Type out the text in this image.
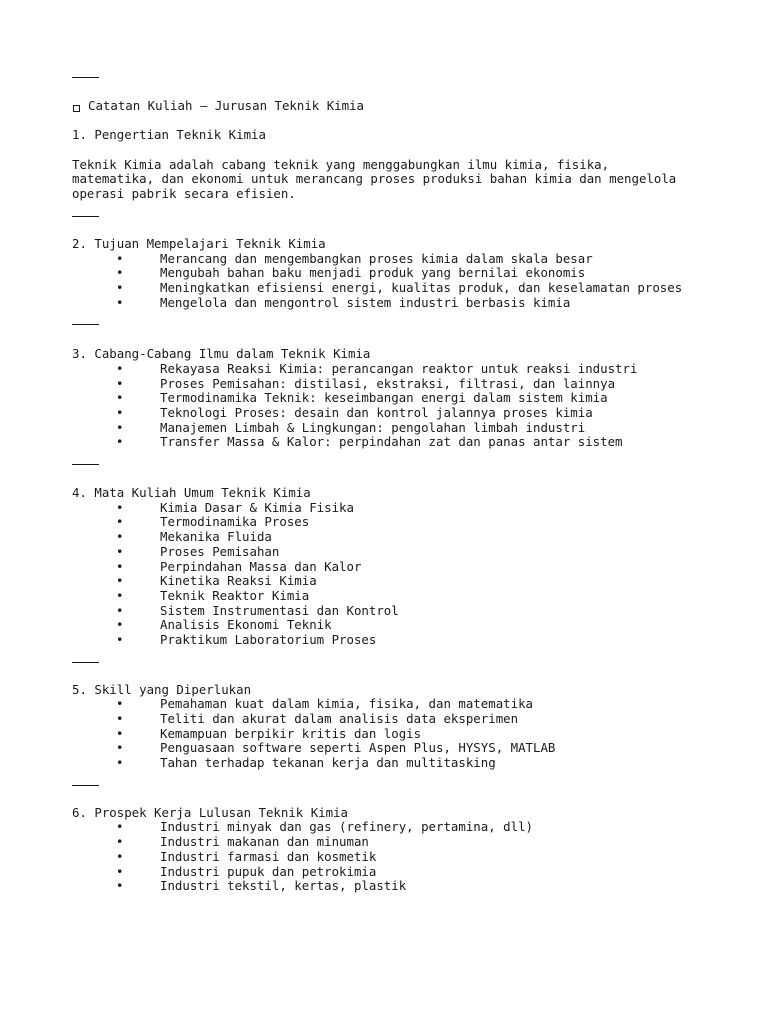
Catatan Kuliah – Jurusan Teknik Kimia
1. Pengertian Teknik Kimia
Teknik Kimia adalah cabang teknik yang menggabungkan ilmu kimia, fisika,
matematika, dan ekonomi untuk merancang proses produksi bahan kimia dan mengelola
operasi pabrik secara efisien.
2. Tujuan Mempelajari Teknik Kimia
•	Merancang dan mengembangkan proses kimia dalam skala besar
•	Mengubah bahan baku menjadi produk yang bernilai ekonomis
•	Meningkatkan efisiensi energi, kualitas produk, dan keselamatan proses
•	Mengelola dan mengontrol sistem industri berbasis kimia
3. Cabang-Cabang Ilmu dalam Teknik Kimia
•	Rekayasa Reaksi Kimia: perancangan reaktor untuk reaksi industri
•	Proses Pemisahan: distilasi, ekstraksi, filtrasi, dan lainnya
•	Termodinamika Teknik: keseimbangan energi dalam sistem kimia
•	Teknologi Proses: desain dan kontrol jalannya proses kimia
•	Manajemen Limbah & Lingkungan: pengolahan limbah industri
•	Transfer Massa & Kalor: perpindahan zat dan panas antar sistem
4. Mata Kuliah Umum Teknik Kimia
•	Kimia Dasar & Kimia Fisika
•	Termodinamika Proses
•	Mekanika Fluida
•	Proses Pemisahan
•	Perpindahan Massa dan Kalor
•	Kinetika Reaksi Kimia
•	Teknik Reaktor Kimia
•	Sistem Instrumentasi dan Kontrol
•	Analisis Ekonomi Teknik
•	Praktikum Laboratorium Proses
5. Skill yang Diperlukan
•	Pemahaman kuat dalam kimia, fisika, dan matematika
•	Teliti dan akurat dalam analisis data eksperimen
•	Kemampuan berpikir kritis dan logis
•	Penguasaan software seperti Aspen Plus, HYSYS, MATLAB
•	Tahan terhadap tekanan kerja dan multitasking
6. Prospek Kerja Lulusan Teknik Kimia
•	Industri minyak dan gas (refinery, pertamina, dll)
•	Industri makanan dan minuman
•	Industri farmasi dan kosmetik
•	Industri pupuk dan petrokimia
•	Industri tekstil, kertas, plastik
